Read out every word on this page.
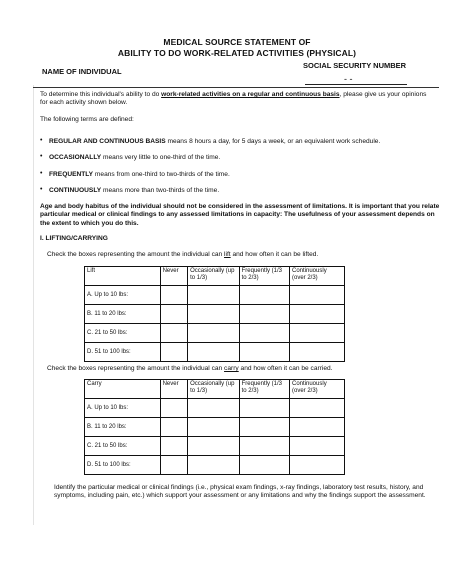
MEDICAL SOURCE STATEMENT OF
ABILITY TO DO WORK-RELATED ACTIVITIES (PHYSICAL)
NAME OF INDIVIDUAL
SOCIAL SECURITY NUMBER
- -
To determine this individual's ability to do work-related activities on a regular and continuous basis, please give us your opinions for each activity shown below.
The following terms are defined:
• REGULAR AND CONTINUOUS BASIS means 8 hours a day, for 5 days a week, or an equivalent work schedule.
• OCCASIONALLY means very little to one-third of the time.
• FREQUENTLY means from one-third to two-thirds of the time.
• CONTINUOUSLY means more than two-thirds of the time.
Age and body habitus of the individual should not be considered in the assessment of limitations. It is important that you relate particular medical or clinical findings to any assessed limitations in capacity: The usefulness of your assessment depends on the extent to which you do this.
I. LIFTING/CARRYING
Check the boxes representing the amount the individual can lift and how often it can be lifted.
Lift	Never	Occasionally (up to 1/3)	Frequently (1/3 to 2/3)	Continuously (over 2/3)
A. Up to 10 lbs:				
B. 11 to 20 lbs:				
C. 21 to 50 lbs:				
D. 51 to 100 lbs:				
Check the boxes representing the amount the individual can carry and how often it can be carried.
Carry	Never	Occasionally (up to 1/3)	Frequently (1/3 to 2/3)	Continuously (over 2/3)
A. Up to 10 lbs:				
B. 11 to 20 lbs:				
C. 21 to 50 lbs:				
D. 51 to 100 lbs:				
Identify the particular medical or clinical findings (i.e., physical exam findings, x-ray findings, laboratory test results, history, and symptoms, including pain, etc.) which support your assessment or any limitations and why the findings support the assessment.
